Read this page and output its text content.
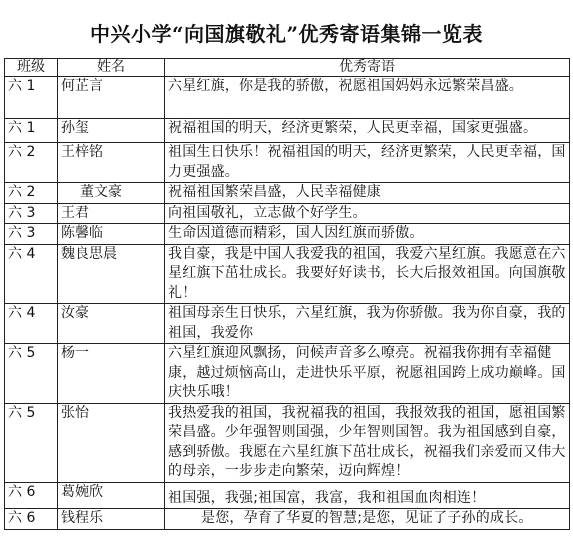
中兴小学“向国旗敬礼”优秀寄语集锦一览表
班级	姓名	优秀寄语
六 1	何芷言	六星红旗，你是我的骄傲，祝愿祖国妈妈永远繁荣昌盛。
六 1	孙玺	祝福祖国的明天，经济更繁荣，人民更幸福，国家更强盛。
六 2	王梓铭	祖国生日快乐！祝福祖国的明天，经济更繁荣，人民更幸福，国力更强盛。
六 2	董文豪	祝福祖国繁荣昌盛，人民幸福健康
六 3	王君	向祖国敬礼，立志做个好学生。
六 3	陈馨临	生命因道德而精彩，国人因红旗而骄傲。
六 4	魏良思晨	我自豪，我是中国人我爱我的祖国，我爱六星红旗。我愿意在六星红旗下茁壮成长。我要好好读书，长大后报效祖国。向国旗敬礼！
六 4	汝豪	祖国母亲生日快乐，六星红旗，我为你骄傲。我为你自豪，我的祖国，我爱你
六 5	杨一	六星红旗迎风飘扬，问候声音多么嘹亮。祝福我你拥有幸福健康，越过烦恼高山，走进快乐平原，祝愿祖国跨上成功巅峰。国庆快乐哦！
六 5	张怡	我热爱我的祖国，我祝福我的祖国，我报效我的祖国，愿祖国繁荣昌盛。少年强智则国强，少年智则国智。我为祖国感到自豪，感到骄傲。我愿在六星红旗下茁壮成长，祝福我们亲爱而又伟大的母亲，一步步走向繁荣，迈向辉煌！
六 6	葛婉欣	祖国强，我强;祖国富，我富，我和祖国血肉相连！
六 6	钱程乐	是您，孕育了华夏的智慧;是您，见证了子孙的成长。
